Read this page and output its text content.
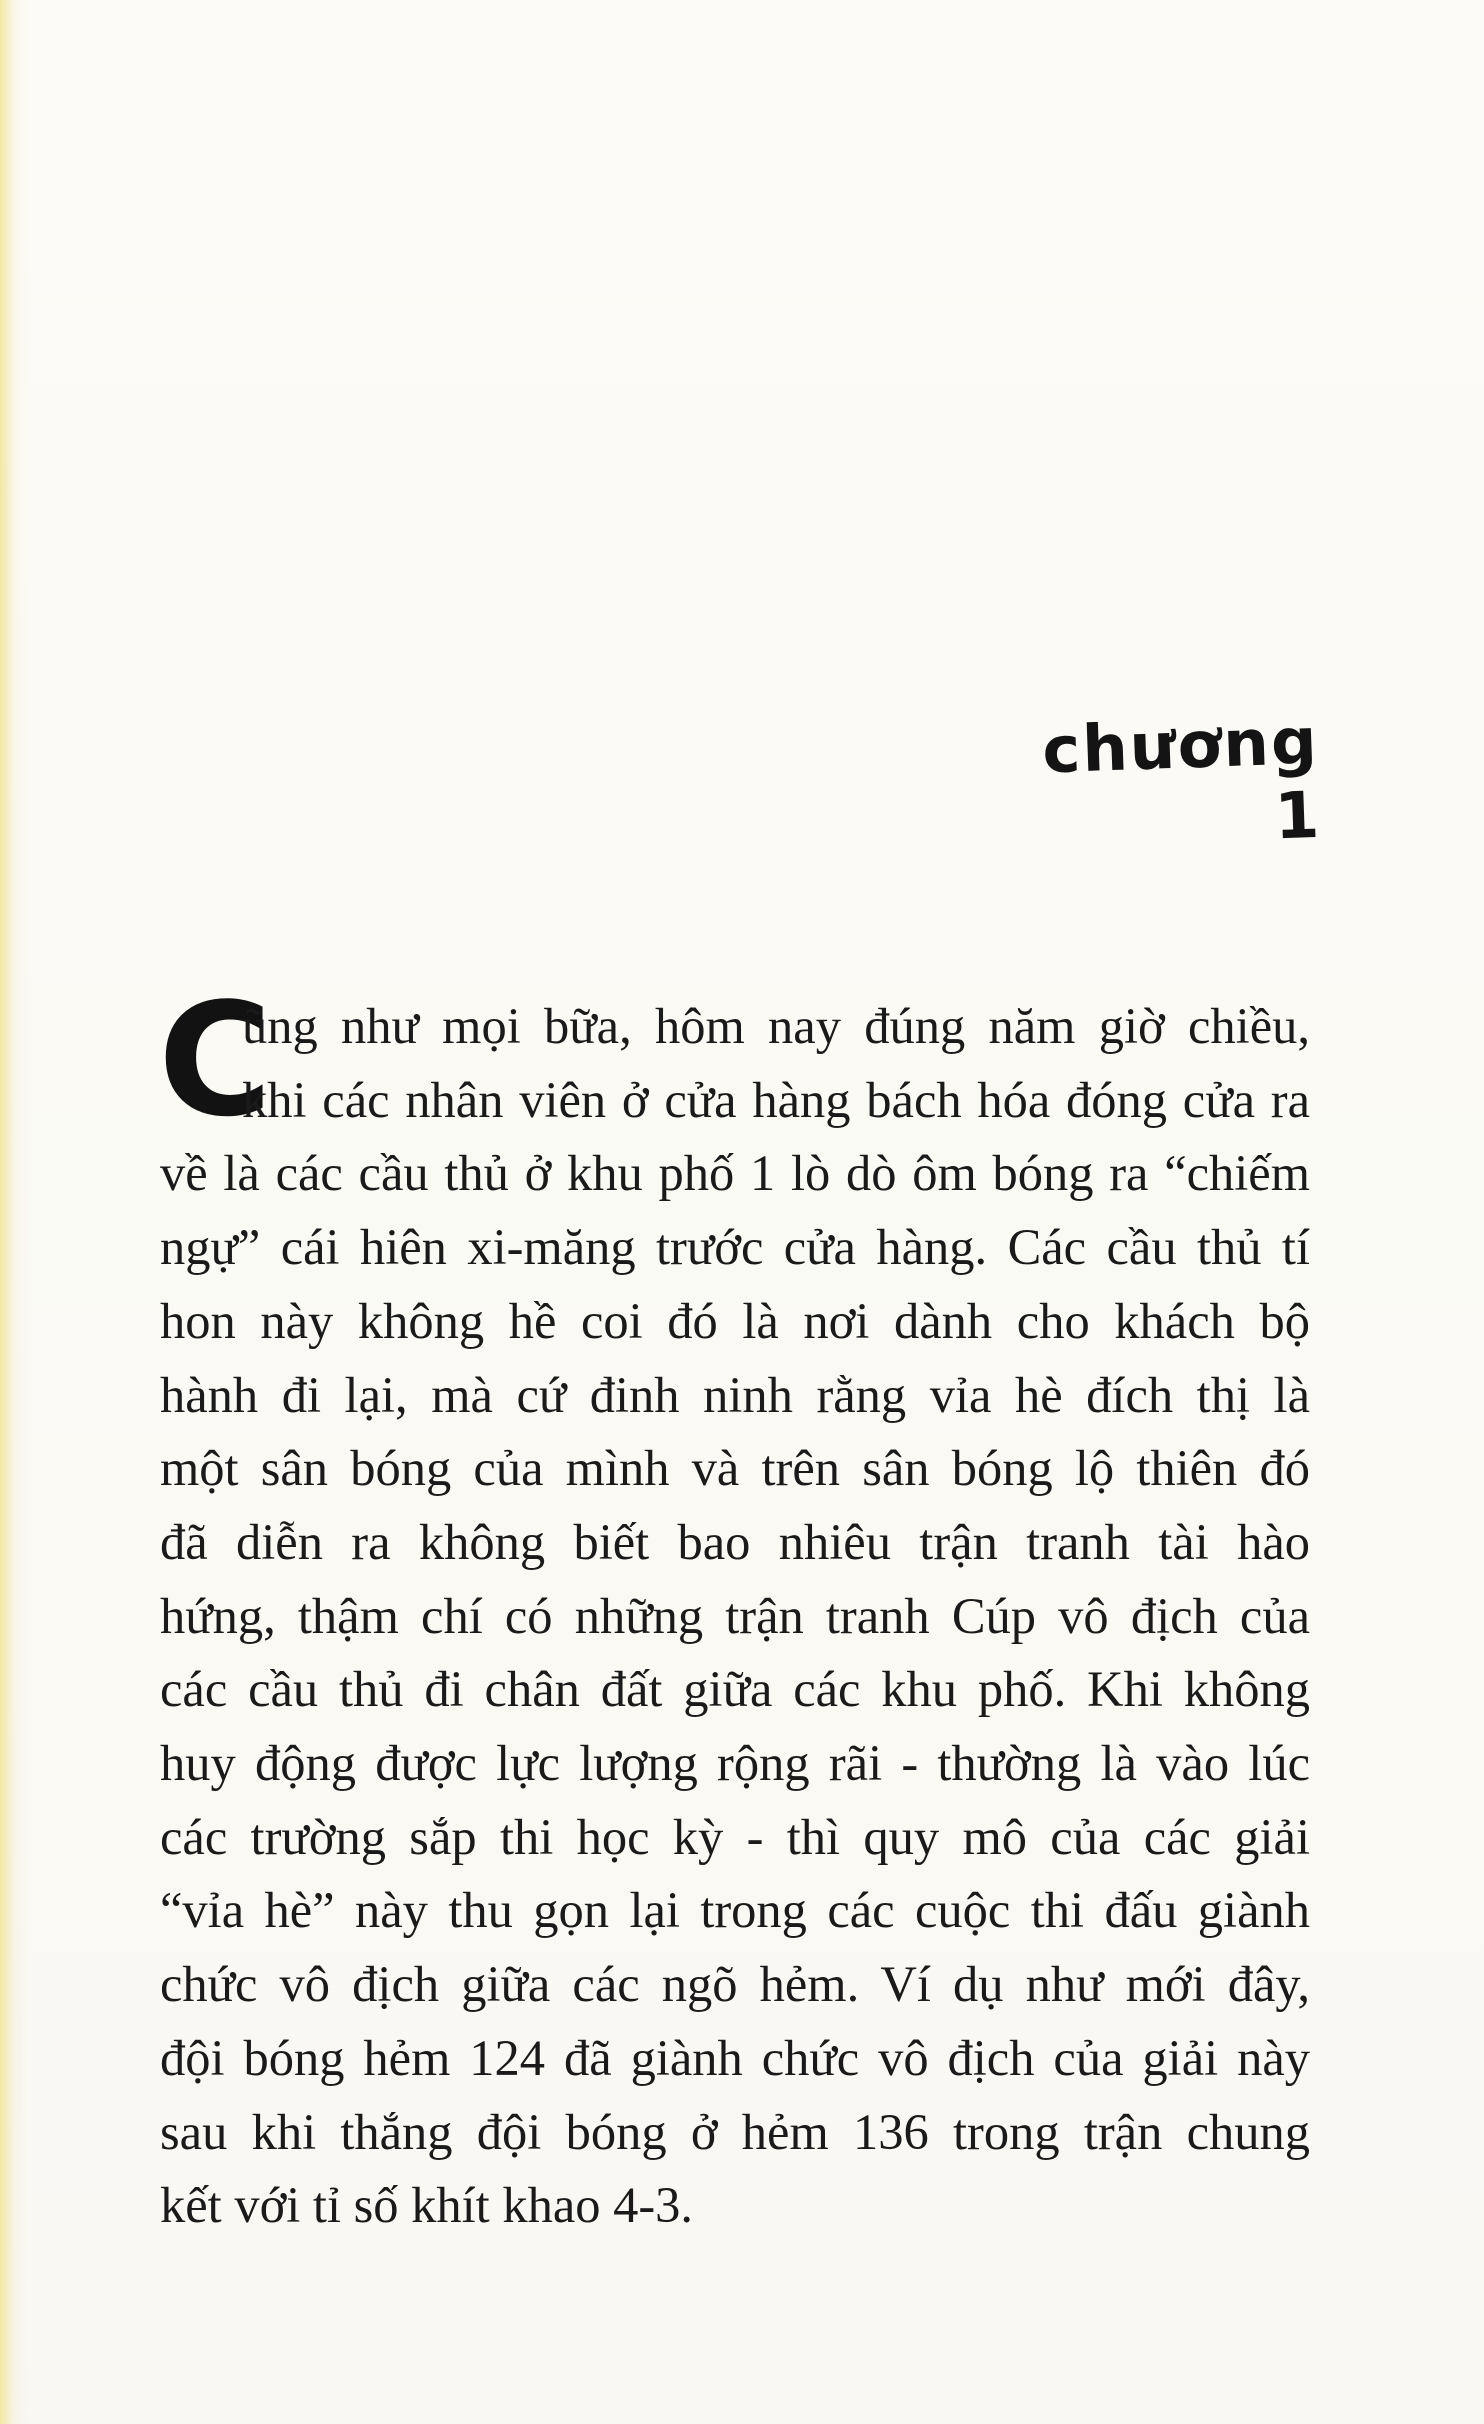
chương 1
C
ũng như mọi bữa, hôm nay đúng năm giờ chiều,
khi các nhân viên ở cửa hàng bách hóa đóng cửa ra
về là các cầu thủ ở khu phố 1 lò dò ôm bóng ra “chiếm
ngự” cái hiên xi-măng trước cửa hàng. Các cầu thủ tí
hon này không hề coi đó là nơi dành cho khách bộ
hành đi lại, mà cứ đinh ninh rằng vỉa hè đích thị là
một sân bóng của mình và trên sân bóng lộ thiên đó
đã diễn ra không biết bao nhiêu trận tranh tài hào
hứng, thậm chí có những trận tranh Cúp vô địch của
các cầu thủ đi chân đất giữa các khu phố. Khi không
huy động được lực lượng rộng rãi - thường là vào lúc
các trường sắp thi học kỳ - thì quy mô của các giải
“vỉa hè” này thu gọn lại trong các cuộc thi đấu giành
chức vô địch giữa các ngõ hẻm. Ví dụ như mới đây,
đội bóng hẻm 124 đã giành chức vô địch của giải này
sau khi thắng đội bóng ở hẻm 136 trong trận chung
kết với tỉ số khít khao 4-3.
